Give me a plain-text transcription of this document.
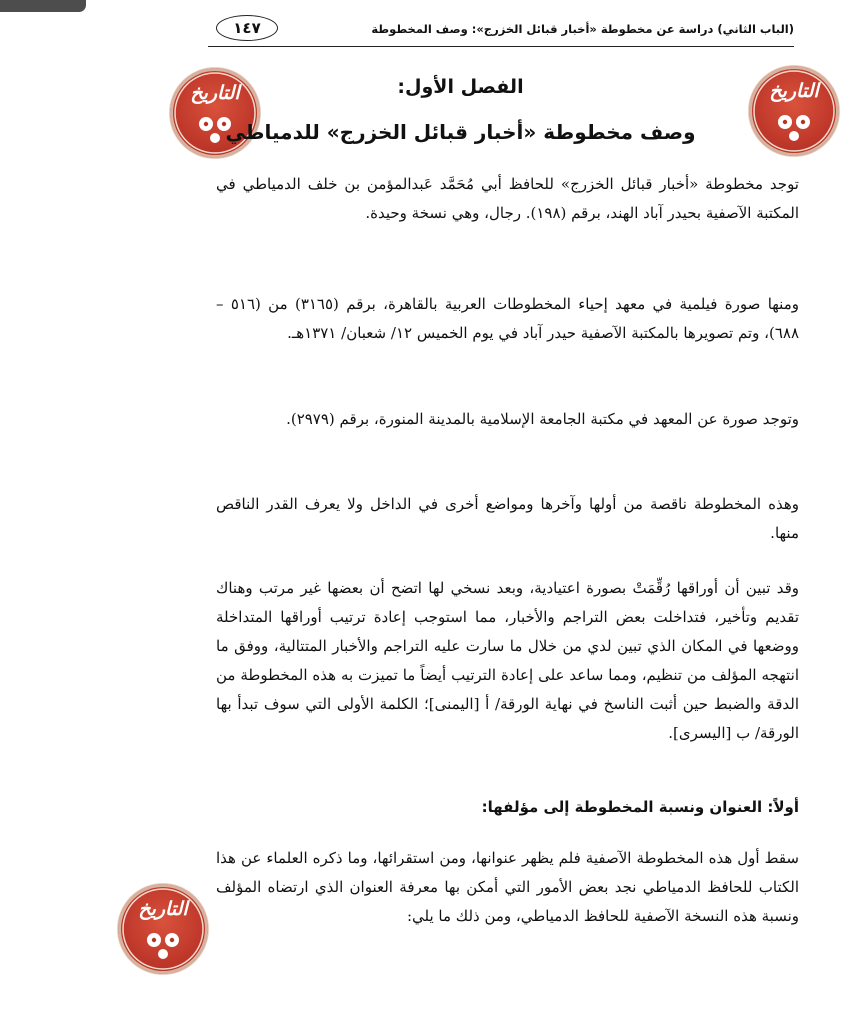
١٤٧	(الباب الثاني) دراسة عن مخطوطة «أخبار قبائل الخزرج»: وصف المخطوطة
التاريخ
التاريخ
التاريخ
الفصل الأول:
وصف مخطوطة «أخبار قبائل الخزرج» للدمياطي

توجد مخطوطة «أخبار قبائل الخزرج» للحافظ أبي مُحَمَّد عَبدالمؤمن بن خلف الدمياطي في المكتبة الآصفية بحيدر آباد الهند، برقم (١٩٨). رجال، وهي نسخة وحيدة.

ومنها صورة فيلمية في معهد إحياء المخطوطات العربية بالقاهرة، برقم (٣١٦٥) من (٥١٦ – ٦٨٨)، وتم تصويرها بالمكتبة الآصفية حيدر آباد في يوم الخميس ١٢/ شعبان/ ١٣٧١هـ.

وتوجد صورة عن المعهد في مكتبة الجامعة الإسلامية بالمدينة المنورة، برقم (٢٩٧٩).

وهذه المخطوطة ناقصة من أولها وآخرها ومواضع أخرى في الداخل ولا يعرف القدر الناقص منها.

وقد تبين أن أوراقها رُقِّمَتْ بصورة اعتيادية، وبعد نسخي لها اتضح أن بعضها غير مرتب وهناك تقديم وتأخير، فتداخلت بعض التراجم والأخبار، مما استوجب إعادة ترتيب أوراقها المتداخلة ووضعها في المكان الذي تبين لدي من خلال ما سارت عليه التراجم والأخبار المتتالية، ووفق ما انتهجه المؤلف من تنظيم، ومما ساعد على إعادة الترتيب أيضاً ما تميزت به هذه المخطوطة من الدقة والضبط حين أثبت الناسخ في نهاية الورقة/ أ [اليمنى]؛ الكلمة الأولى التي سوف تبدأ بها الورقة/ ب [اليسرى].

أولاً: العنوان ونسبة المخطوطة إلى مؤلفها:

سقط أول هذه المخطوطة الآصفية فلم يظهر عنوانها، ومن استقرائها، وما ذكره العلماء عن هذا الكتاب للحافظ الدمياطي نجد بعض الأمور التي أمكن بها معرفة العنوان الذي ارتضاه المؤلف ونسبة هذه النسخة الآصفية للحافظ الدمياطي، ومن ذلك ما يلي:
